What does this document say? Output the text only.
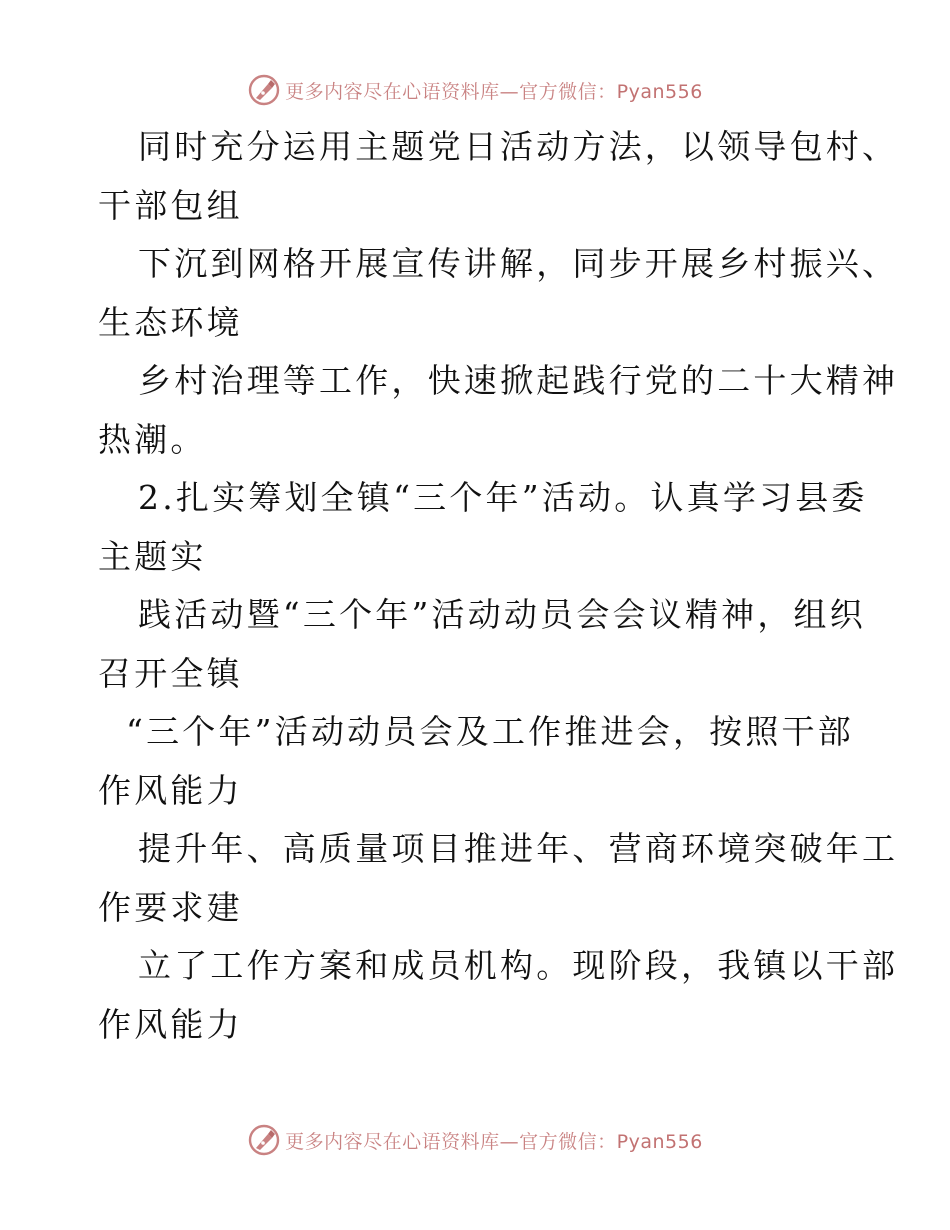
更多内容尽在心语资料库—官方微信：Pyan556

同时充分运用主题党日活动方法，以领导包村、

干部包组

下沉到网格开展宣传讲解，同步开展乡村振兴、

生态环境

乡村治理等工作，快速掀起践行党的二十大精神

热潮。

2.扎实筹划全镇“三个年”活动。认真学习县委

主题实

践活动暨“三个年”活动动员会会议精神，组织

召开全镇

“三个年”活动动员会及工作推进会，按照干部

作风能力

提升年、高质量项目推进年、营商环境突破年工

作要求建

立了工作方案和成员机构。现阶段，我镇以干部

作风能力

更多内容尽在心语资料库—官方微信：Pyan556
